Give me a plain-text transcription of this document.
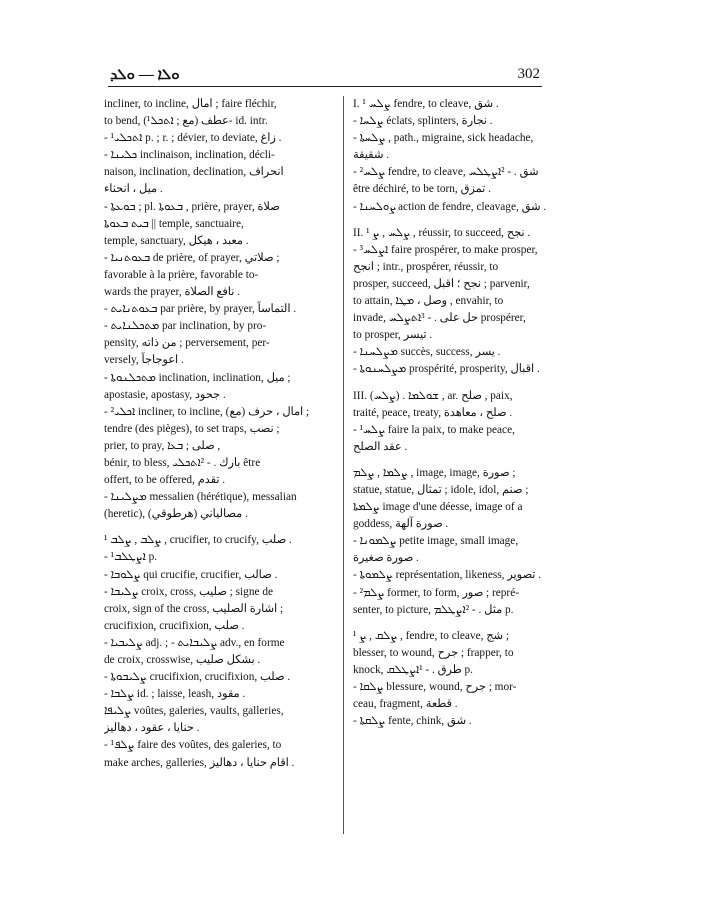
ܘܠܐ — ܘܠܕ	302
incliner, to incline, امال ; faire fléchir,
to bend, (عطف (مع ; ܐܬܟܠ¹‑ id. intr.
‑ ¹ܐܬܟܠܝ p. ; r. ; dévier, to deviate, زاغ .
‑ ܟܠܝܢܐ inclinaison, inclination, décli-
naison, inclination, declination, انحراف
ميل ، انحناء .
‑ ܒܘܥܬܐ ; pl. ܒܥܘܬܐ , prière, prayer, صلاة
ܒܝܬ ܒܥܘܬܐ || temple, sanctuaire,
temple, sanctuary, معبد ، هيكل .
‑ ܒܥܘܬܢܝܐ de prière, of prayer, صلاتي ;
favorable à la prière, favorable to-
wards the prayer, نافع الصلاة .
‑ ܒܥܘܬܢܐܝܬ par prière, by prayer, التماساً .
‑ ܡܬܟܠܢܐܝܬ par inclination, by pro-
pensity, من ذاته ; perversement, per-
versely, اعوجاجاً .
‑ ܡܬܟܠܢܘܬܐ inclination, inclination, ميل ;
apostasie, apostasy, جحود .
‑ ²ܐܟܠܝ incliner, to incline, (امال ، حرف (مع ;
tendre (des pièges), to set traps, نصب ;
prier, to pray, صلى ; ܒܥܐ ,
bénir, to bless, بارك . ‑ ²ܐܬܟܠܝ être
offert, to be offered, تقدم .
‑ ܡܨܠܝܢܐ messalien (hérétique), messalian
(heretic), (مصالياني (هرطوقي .
¹ ܨܠܒ , ܨܠܒ , crucifier, to crucify, صلب .
‑ ¹ܐܨܛܠܒ p.
‑ ܨܠܘܒܐ qui crucifie, crucifier, صالب .
‑ ܨܠܝܒܐ croix, cross, صليب ; signe de
croix, sign of the cross, اشارة الصليب ;
crucifixion, crucifixion, صلب .
‑ ܨܠܝܒܝܐ adj. ; ‑ ܨܠܝܒܐܝܬ adv., en forme
de croix, crosswise, بشكل صليب .
‑ ܨܠܝܒܘܬܐ crucifixion, crucifixion, صلب .
‑ ܨܠܒܐ id. ; laisse, leash, مقود .
ܨܠܝܦܐ voûtes, galeries, vaults, galleries,
حنايا ، عقود ، دهاليز .
‑ ¹ܨܠܦ faire des voûtes, des galeries, to
make arches, galleries, اقام حنايا ، دهاليز .
I. ¹ ܨܠܚ fendre, to cleave, شق .
‑ ܨܠܚܐ éclats, splinters, نجارة .
‑ ܨܠܚܬܐ , path., migraine, sick headache,
شقيقة .
‑ ²ܨܠܚ fendre, to cleave, شق . ‑ ²ܐܨܛܠܚ
être déchiré, to be torn, تمزق .
‑ ܨܘܠܚܢܐ action de fendre, cleavage, شق .
II. ¹ ܨܠܚ , ܨ , réussir, to succeed, نجح .
‑ ³ܐܨܠܚ faire prospérer, to make prosper,
انجح ; intr., prospérer, réussir, to
prosper, succeed, نجح ؛ اقبل ; parvenir,
to attain, وصل ، ܡܛܐ , envahir, to
invade, حل على . ‑ ³ܐܬܨܠܚ prospérer,
to prosper, تيسر .
‑ ܡܨܠܚܢܐ succès, success, يسر .
‑ ܡܨܠܚܢܘܬܐ prospérité, prosperity, اقبال .
III. (ܨܠܚ) . ܫܘܠܡܐ , ar. صلح , paix,
traité, peace, treaty, صلح ، معاهدة .
‑ ¹ܨܠܚ faire la paix, to make peace,
عقد الصلح .
ܨܠܡܐ , ܨܠܡ , image, image, صورة ;
statue, statue, تمثال ; idole, idol, صنم ;
ܨܠܡܬܐ image d'une déesse, image of a
goddess, صورة آلهة .
‑ ܨܠܡܘܢܐ petite image, small image,
صورة صغيرة .
‑ ܨܠܡܘܬܐ représentation, likeness, تصوير .
‑ ²ܨܠܡ former, to form, صور ; repré-
senter, to picture, مثل . ‑ ²ܐܨܛܠܡ p.
¹ ܨܠܩ , ܨ , fendre, to cleave, شج ;
blesser, to wound, جرح ; frapper, to
knock, طرق . ‑ ¹ܐܨܛܠܩ p.
‑ ܨܠܩܐ blessure, wound, جرح ; mor-
ceau, fragment, قطعة .
‑ ܨܠܩܬܐ fente, chink, شق .
